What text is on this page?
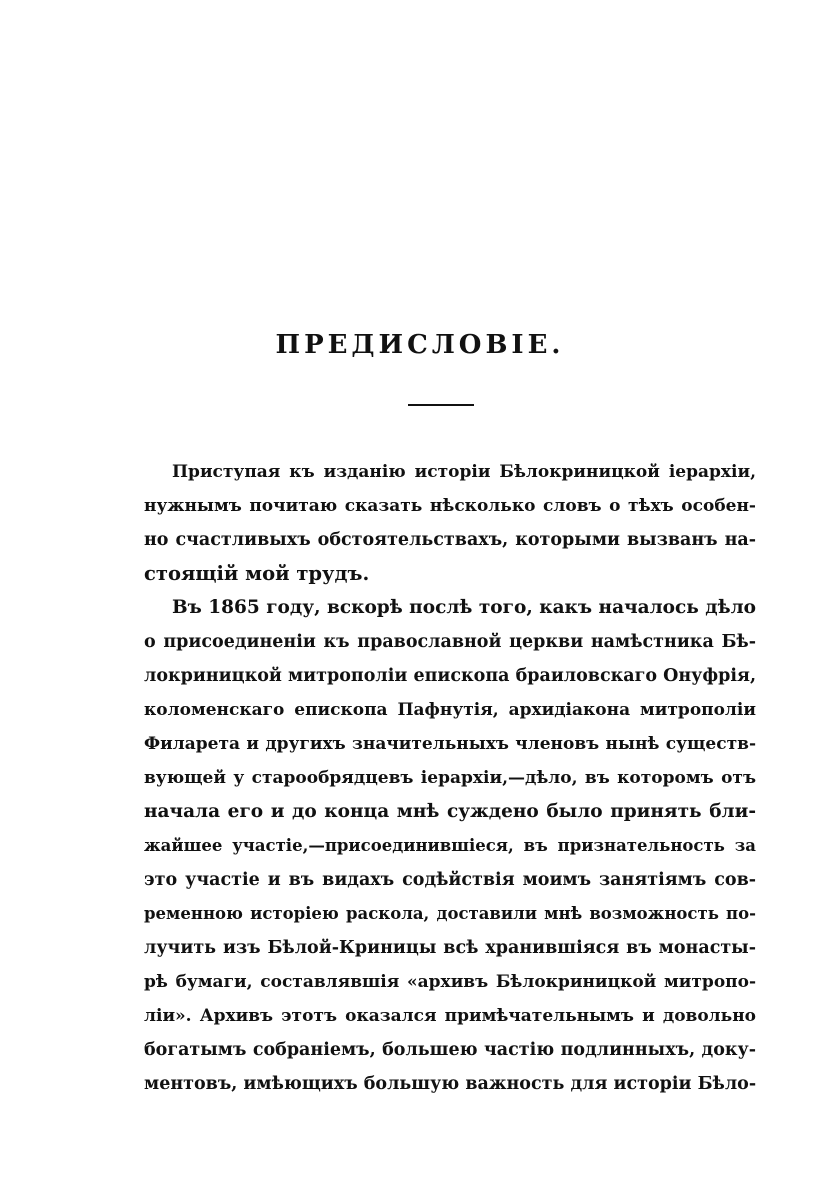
ПРЕДИСЛОВІЕ.
Приступая къ изданію исторіи Бѣлокриницкой іерархіи,
нужнымъ почитаю сказать нѣсколько словъ о тѣхъ особен-
но счастливыхъ обстоятельствахъ, которыми вызванъ на-
стоящій мой трудъ.
Въ 1865 году, вскорѣ послѣ того, какъ началось дѣло
о присоединеніи къ православной церкви намѣстника Бѣ-
локриницкой митрополіи епископа браиловскаго Онуфрія,
коломенскаго епископа Пафнутія, архидіакона митрополіи
Филарета и другихъ значительныхъ членовъ нынѣ существ-
вующей у старообрядцевъ іерархіи,—дѣло, въ которомъ отъ
начала его и до конца мнѣ суждено было принять бли-
жайшее участіе,—присоединившіеся, въ признательность за
это участіе и въ видахъ содѣйствія моимъ занятіямъ сов-
ременною исторіею раскола, доставили мнѣ возможность по-
лучить изъ Бѣлой-Криницы всѣ хранившіяся въ монасты-
рѣ бумаги, составлявшія «архивъ Бѣлокриницкой митропо-
ліи». Архивъ этотъ оказался примѣчательнымъ и довольно
богатымъ собраніемъ, большею частію подлинныхъ, доку-
ментовъ, имѣющихъ большую важность для исторіи Бѣло-
